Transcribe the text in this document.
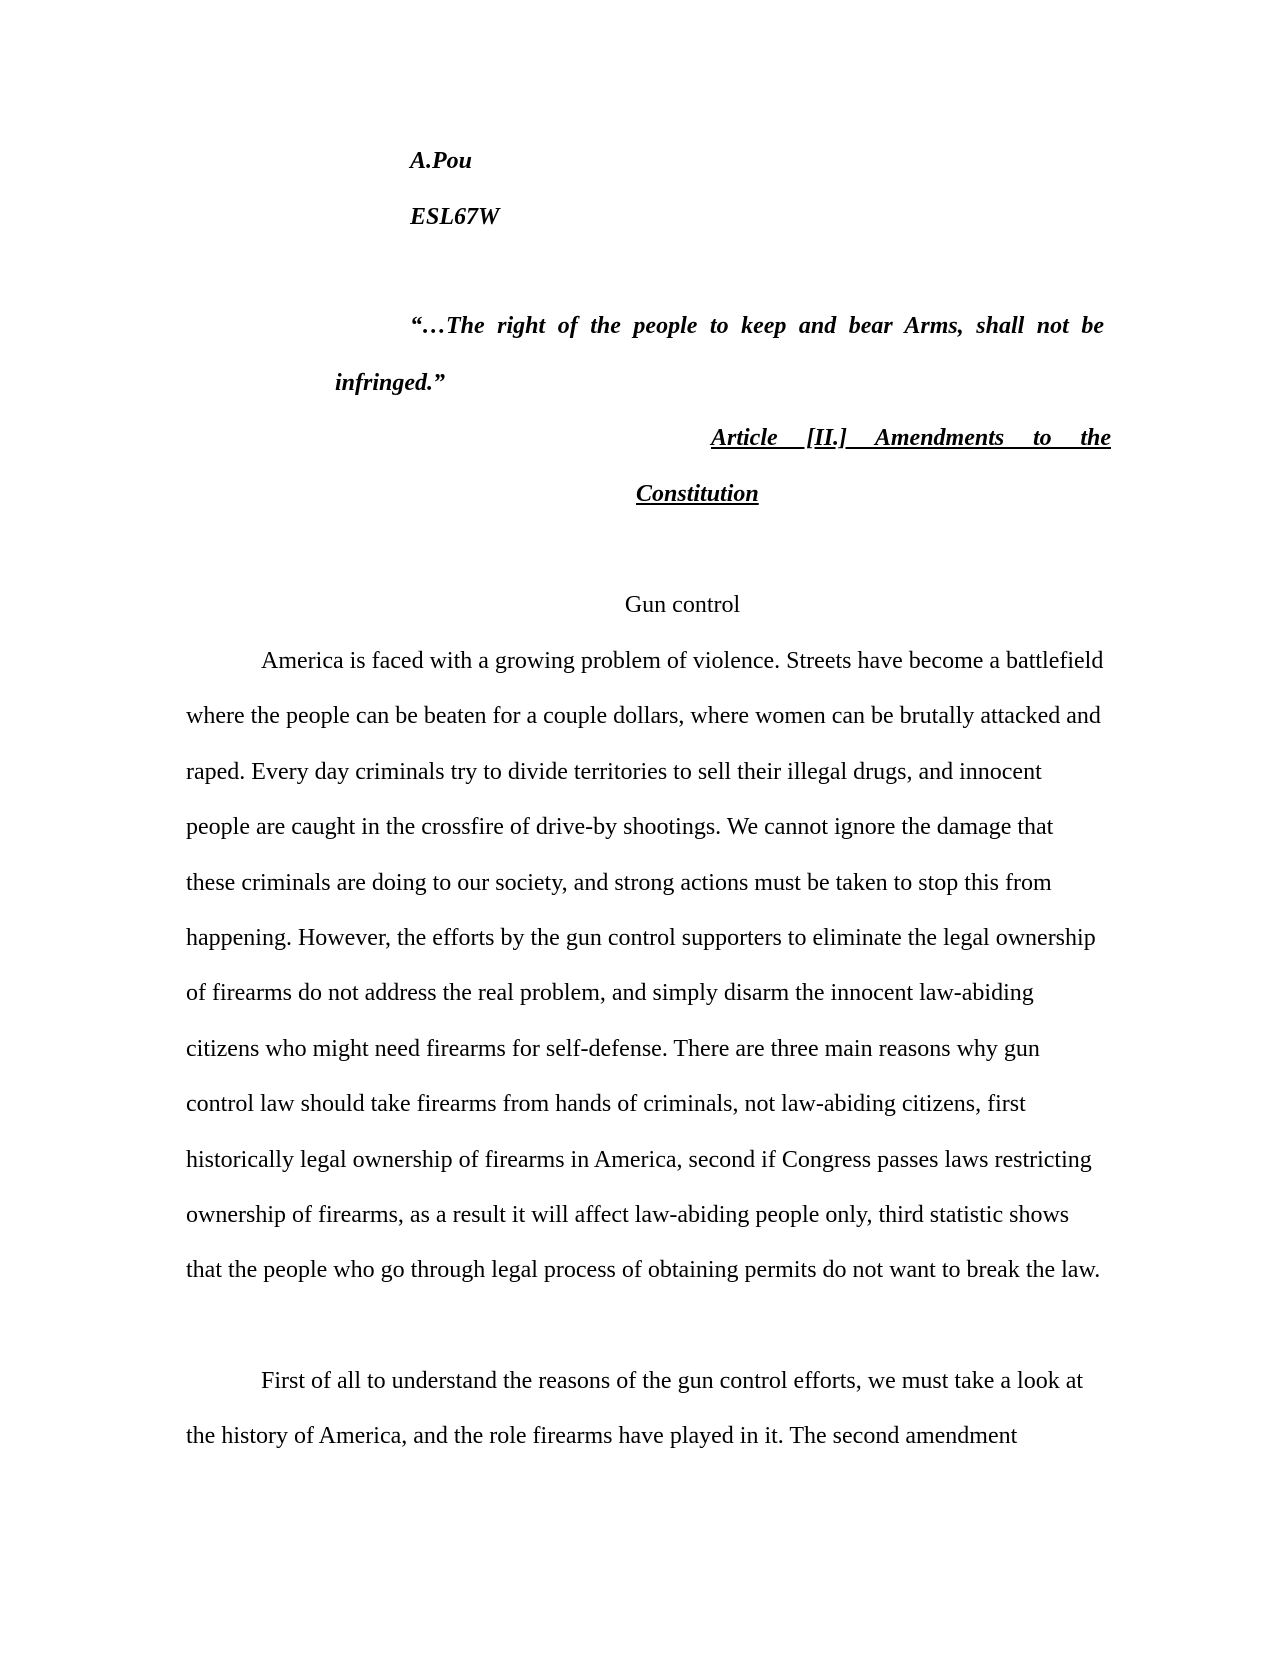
A.Pou

ESL67W

“…The right of the people to keep and bear Arms, shall not be

infringed.”

Article [II.] Amendments to the

Constitution

Gun control

America is faced with a growing problem of violence. Streets have become a battlefield where the people can be beaten for a couple dollars, where women can be brutally attacked and raped. Every day criminals try to divide territories to sell their illegal drugs, and innocent people are caught in the crossfire of drive-by shootings. We cannot ignore the damage that these criminals are doing to our society, and strong actions must be taken to stop this from happening. However, the efforts by the gun control supporters to eliminate the legal ownership of firearms do not address the real problem, and simply disarm the innocent law-abiding citizens who might need firearms for self-defense. There are three main reasons why gun control law should take firearms from hands of criminals, not law-abiding citizens, first historically legal ownership of firearms in America, second if Congress passes laws restricting ownership of firearms, as a result it will affect law-abiding people only, third statistic shows that the people who go through legal process of obtaining permits do not want to break the law.

First of all to understand the reasons of the gun control efforts, we must take a look at the history of America, and the role firearms have played in it. The second amendment
